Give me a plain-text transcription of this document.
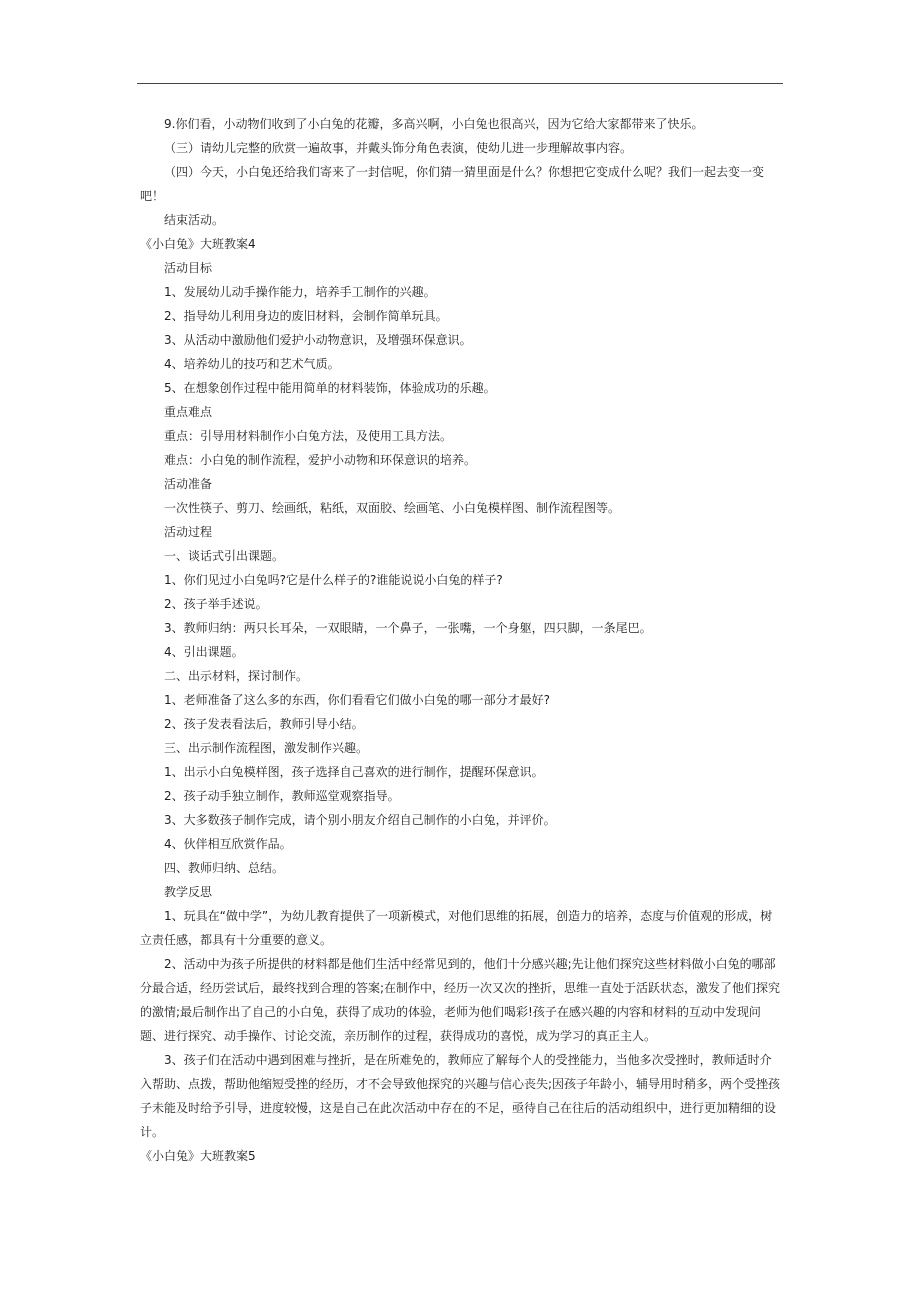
9.你们看，小动物们收到了小白兔的花瓣，多高兴啊，小白兔也很高兴，因为它给大家都带来了快乐。

（三）请幼儿完整的欣赏一遍故事，并戴头饰分角色表演，使幼儿进一步理解故事内容。

（四）今天，小白兔还给我们寄来了一封信呢，你们猜一猜里面是什么？你想把它变成什么呢？我们一起去变一变吧！

结束活动。

《小白兔》大班教案4

活动目标

1、发展幼儿动手操作能力，培养手工制作的兴趣。

2、指导幼儿利用身边的废旧材料，会制作简单玩具。

3、从活动中激励他们爱护小动物意识，及增强环保意识。

4、培养幼儿的技巧和艺术气质。

5、在想象创作过程中能用简单的材料装饰，体验成功的乐趣。

重点难点

重点：引导用材料制作小白兔方法，及使用工具方法。

难点：小白兔的制作流程，爱护小动物和环保意识的培养。

活动准备

一次性筷子、剪刀、绘画纸，粘纸，双面胶、绘画笔、小白兔模样图、制作流程图等。

活动过程

一、谈话式引出课题。

1、你们见过小白兔吗?它是什么样子的?谁能说说小白兔的样子?

2、孩子举手述说。

3、教师归纳：两只长耳朵，一双眼睛，一个鼻子，一张嘴，一个身躯，四只脚，一条尾巴。

4、引出课题。

二、出示材料，探讨制作。

1、老师准备了这么多的东西，你们看看它们做小白兔的哪一部分才最好?

2、孩子发表看法后，教师引导小结。

三、出示制作流程图，激发制作兴趣。

1、出示小白兔模样图，孩子选择自己喜欢的进行制作，提醒环保意识。

2、孩子动手独立制作，教师巡堂观察指导。

3、大多数孩子制作完成，请个别小朋友介绍自己制作的小白兔，并评价。

4、伙伴相互欣赏作品。

四、教师归纳、总结。

教学反思

1、玩具在“做中学”，为幼儿教育提供了一项新模式，对他们思维的拓展，创造力的培养，态度与价值观的形成，树立责任感，都具有十分重要的意义。

2、活动中为孩子所提供的材料都是他们生活中经常见到的，他们十分感兴趣;先让他们探究这些材料做小白兔的哪部分最合适，经历尝试后，最终找到合理的答案;在制作中，经历一次又次的挫折，思维一直处于活跃状态，激发了他们探究的激情;最后制作出了自己的小白兔，获得了成功的体验，老师为他们喝彩!孩子在感兴趣的内容和材料的互动中发现问题、进行探究、动手操作、讨论交流，亲历制作的过程，获得成功的喜悦，成为学习的真正主人。

3、孩子们在活动中遇到困难与挫折，是在所难免的，教师应了解每个人的受挫能力，当他多次受挫时，教师适时介入帮助、点拨，帮助他缩短受挫的经历，才不会导致他探究的兴趣与信心丧失;因孩子年龄小，辅导用时稍多，两个受挫孩子未能及时给予引导，进度较慢，这是自己在此次活动中存在的不足，亟待自己在往后的活动组织中，进行更加精细的设计。

《小白兔》大班教案5
